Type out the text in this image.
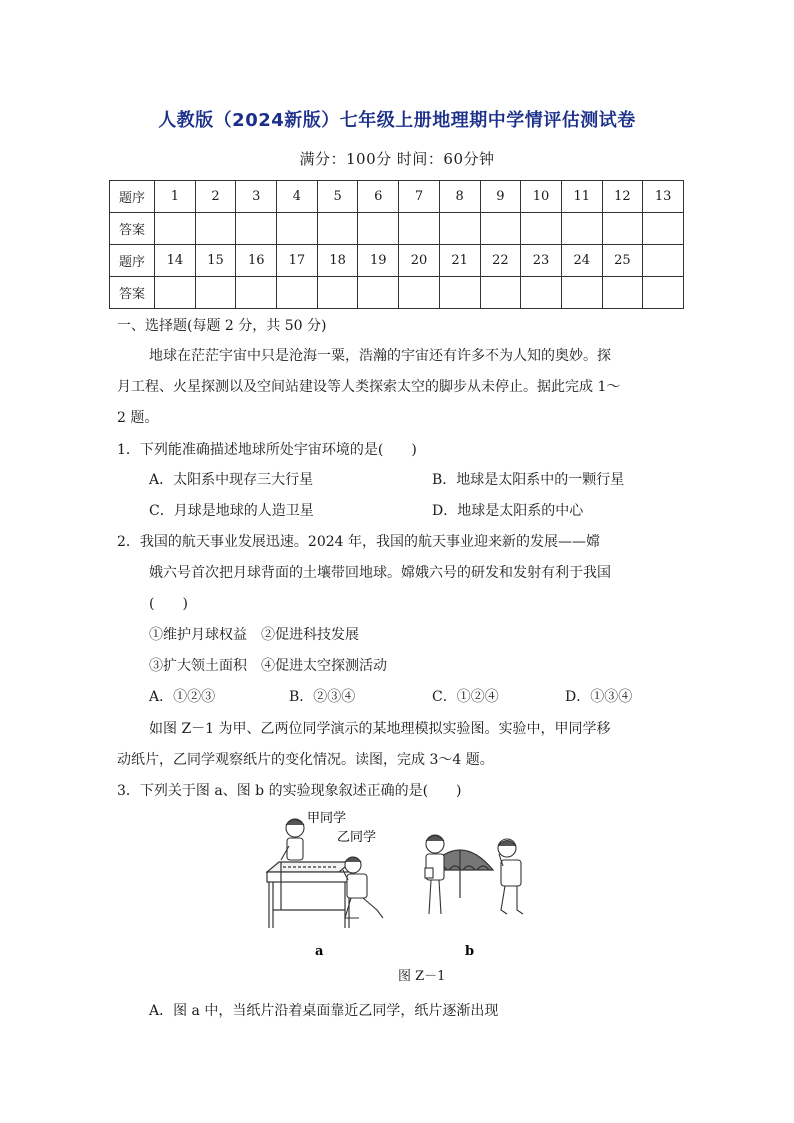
人教版（2024新版）七年级上册地理期中学情评估测试卷
满分：100分 时间：60分钟
题序	1	2	3	4	5	6	7	8	9	10	11	12	13
答案													
题序	14	15	16	17	18	19	20	21	22	23	24	25	
答案													
一、选择题(每题 2 分，共 50 分)
地球在茫茫宇宙中只是沧海一粟，浩瀚的宇宙还有许多不为人知的奥妙。探
月工程、火星探测以及空间站建设等人类探索太空的脚步从未停止。据此完成 1～
2 题。
1．下列能准确描述地球所处宇宙环境的是(　　)
A．太阳系中现存三大行星	B．地球是太阳系中的一颗行星
C．月球是地球的人造卫星	D．地球是太阳系的中心
2．我国的航天事业发展迅速。2024 年，我国的航天事业迎来新的发展——嫦
娥六号首次把月球背面的土壤带回地球。嫦娥六号的研发和发射有利于我国
(　　)
①维护月球权益　②促进科技发展
③扩大领土面积　④促进太空探测活动
A．①②③	B．②③④	C．①②④	D．①③④
如图 Z－1 为甲、乙两位同学演示的某地理模拟实验图。实验中，甲同学移
动纸片，乙同学观察纸片的变化情况。读图，完成 3～4 题。
3．下列关于图 a、图 b 的实验现象叙述正确的是(　　)
甲同学
乙同学
a	b
图 Z－1
A．图 a 中，当纸片沿着桌面靠近乙同学，纸片逐渐出现
